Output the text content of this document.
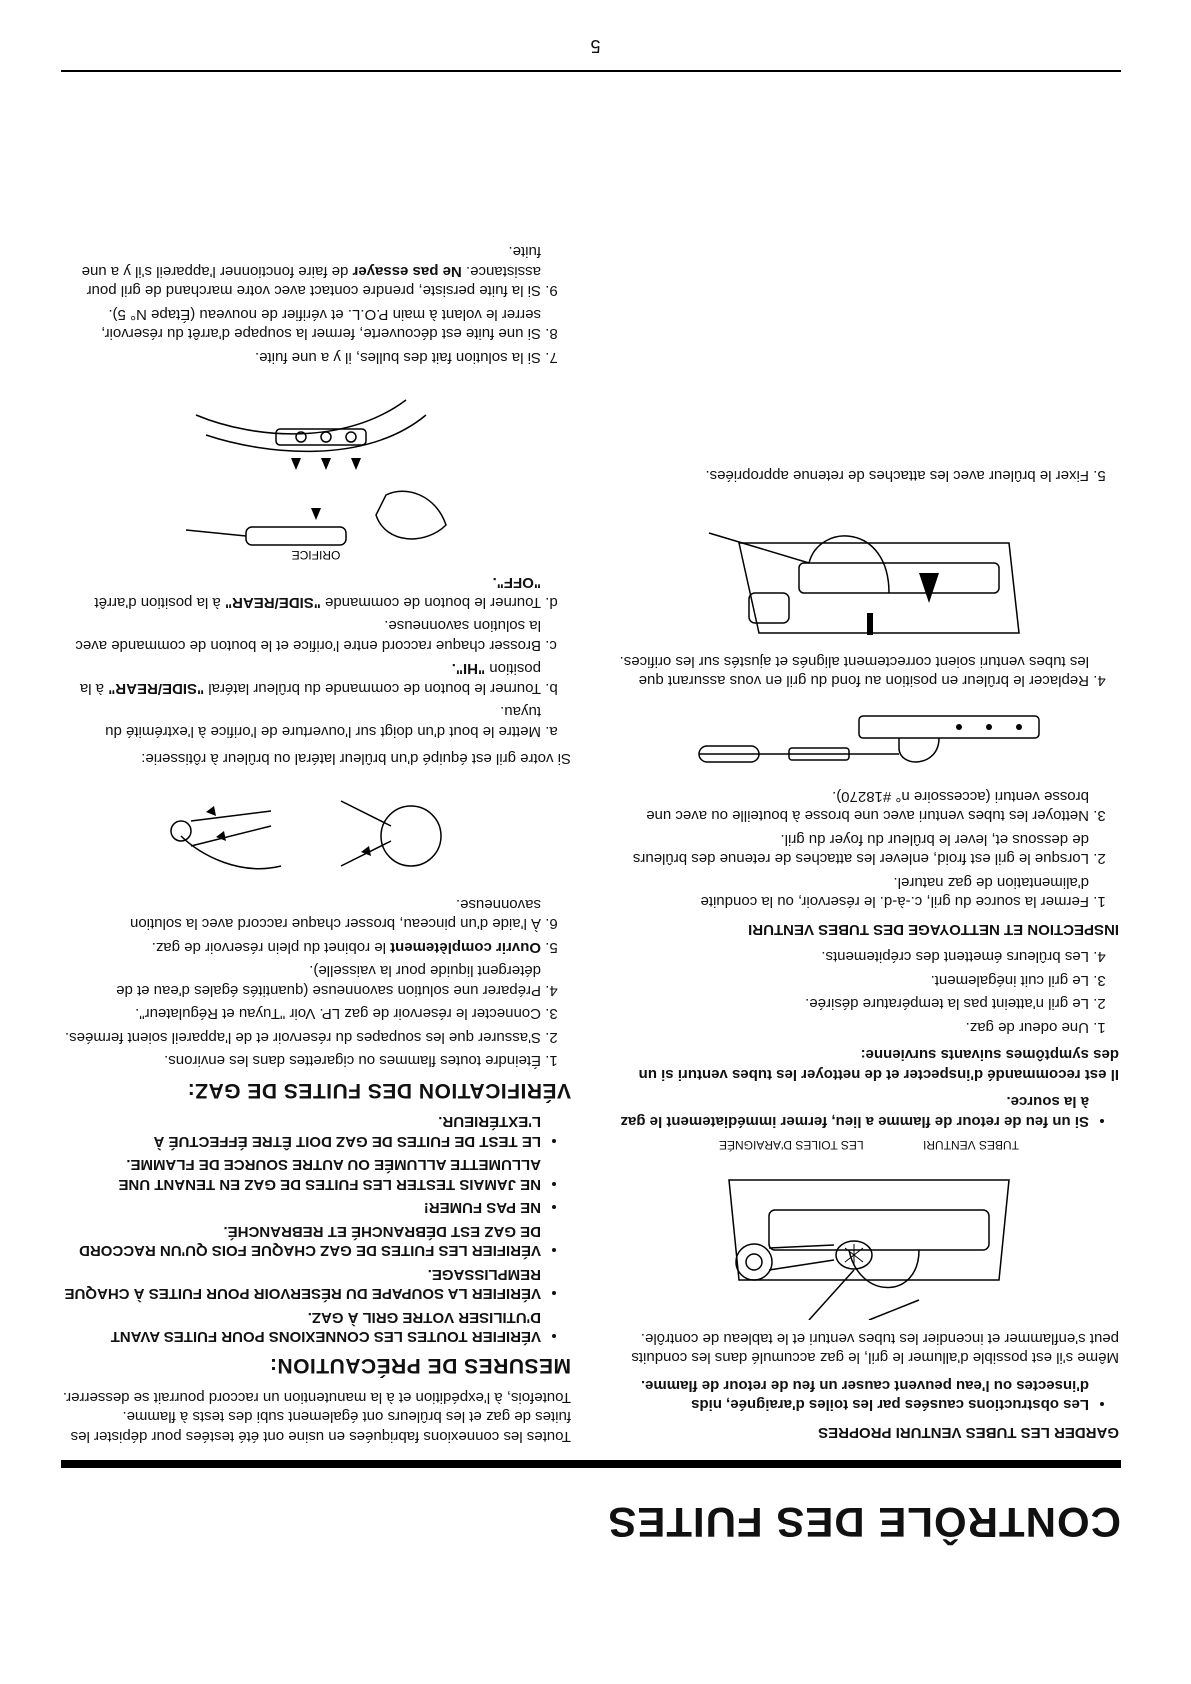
CONTRÔLE DES FUITES
GARDER LES TUBES VENTURI PROPRES
• Les obstructions causées par les toiles d'araignée, nids d'insectes ou l'eau peuvent causer un feu de retour de flamme.

Même s'il est possible d'allumer le gril, le gaz accumulé dans les conduits peut s'enflammer et incendier les tubes venturi et le tableau de contrôle.

TUBES VENTURI
LES TOILES D'ARAIGNÉE
• Si un feu de retour de flamme a lieu, fermer immédiatement le gaz à la source.

Il est recommandé d'inspecter et de nettoyer les tubes venturi si un des symptômes suivants survienne:

1. Une odeur de gaz.
2. Le gril n'atteint pas la température désirée.
3. Le gril cuit inégalement.
4. Les brûleurs émettent des crépitements.
INSPECTION ET NETTOYAGE DES TUBES VENTURI
1. Fermer la source du gril, c.-à-d. le réservoir, ou la conduite d'alimentation de gaz naturel.
2. Lorsque le gril est froid, enlever les attaches de retenue des brûleurs de dessous et, lever le brûleur du foyer du gril.
3. Nettoyer les tubes venturi avec une brosse à bouteille ou avec une brosse venturi (accessoire n° #18270).
4. Replacer le brûleur en position au fond du gril en vous assurant que les tubes venturi soient correctement alignés et ajustés sur les orifices.
5. Fixer le brûleur avec les attaches de retenue appropriées.

Toutes les connexions fabriquées en usine ont été testées pour dépister les fuites de gaz et les brûleurs ont également subi des tests à flamme. Toutefois, à l'expédition et à la manutention un raccord pourrait se desserrer.

MESURES DE PRÉCAUTION:
• VÉRIFIER TOUTES LES CONNEXIONS POUR FUITES AVANT D'UTILISER VOTRE GRIL À GAZ.
• VÉRIFIER LA SOUPAPE DU RÉSERVOIR POUR FUITES À CHAQUE REMPLISSAGE.
• VÉRIFIER LES FUITES DE GAZ CHAQUE FOIS QU'UN RACCORD DE GAZ EST DÉBRANCHÉ ET REBRANCHÉ.
• NE PAS FUMER!
• NE JAMAIS TESTER LES FUITES DE GAZ EN TENANT UNE ALLUMETTE ALLUMÉE OU AUTRE SOURCE DE FLAMME.
• LE TEST DE FUITES DE GAZ DOIT ÊTRE ÉFFECTUÉ À L'EXTÉRIEUR.
VÉRIFICATION DES FUITES DE GAZ:
1. Éteindre toutes flammes ou cigarettes dans les environs.
2. S'assurer que les soupapes du réservoir et de l'appareil soient fermées.
3. Connecter le réservoir de gaz LP. Voir "Tuyau et Régulateur".
4. Préparer une solution savonneuse (quantités égales d'eau et de détergent liquide pour la vaisselle).
5. Ouvrir complètement le robinet du plein réservoir de gaz.
6. À l'aide d'un pinceau, brosser chaque raccord avec la solution savonneuse.

Si votre gril est équipé d'un brûleur latéral ou brûleur à rôtisserie:

a. Mettre le bout d'un doigt sur l'ouverture de l'orifice à l'extrémité du tuyau.
b. Tourner le bouton de commande du brûleur latéral "SIDE/REAR" à la position "HI".
c. Brosser chaque raccord entre l'orifice et le bouton de commande avec la solution savonneuse.
d. Tourner le bouton de commande "SIDE/REAR" à la position d'arrêt "OFF".
ORIFICE
7. Si la solution fait des bulles, il y a une fuite.
8. Si une fuite est découverte, fermer la soupape d'arrêt du réservoir, serrer le volant à main P.O.L. et vérifier de nouveau (Étape N° 5).
9. Si la fuite persiste, prendre contact avec votre marchand de gril pour assistance. Ne pas essayer de faire fonctionner l'appareil s'il y a une fuite.
5
